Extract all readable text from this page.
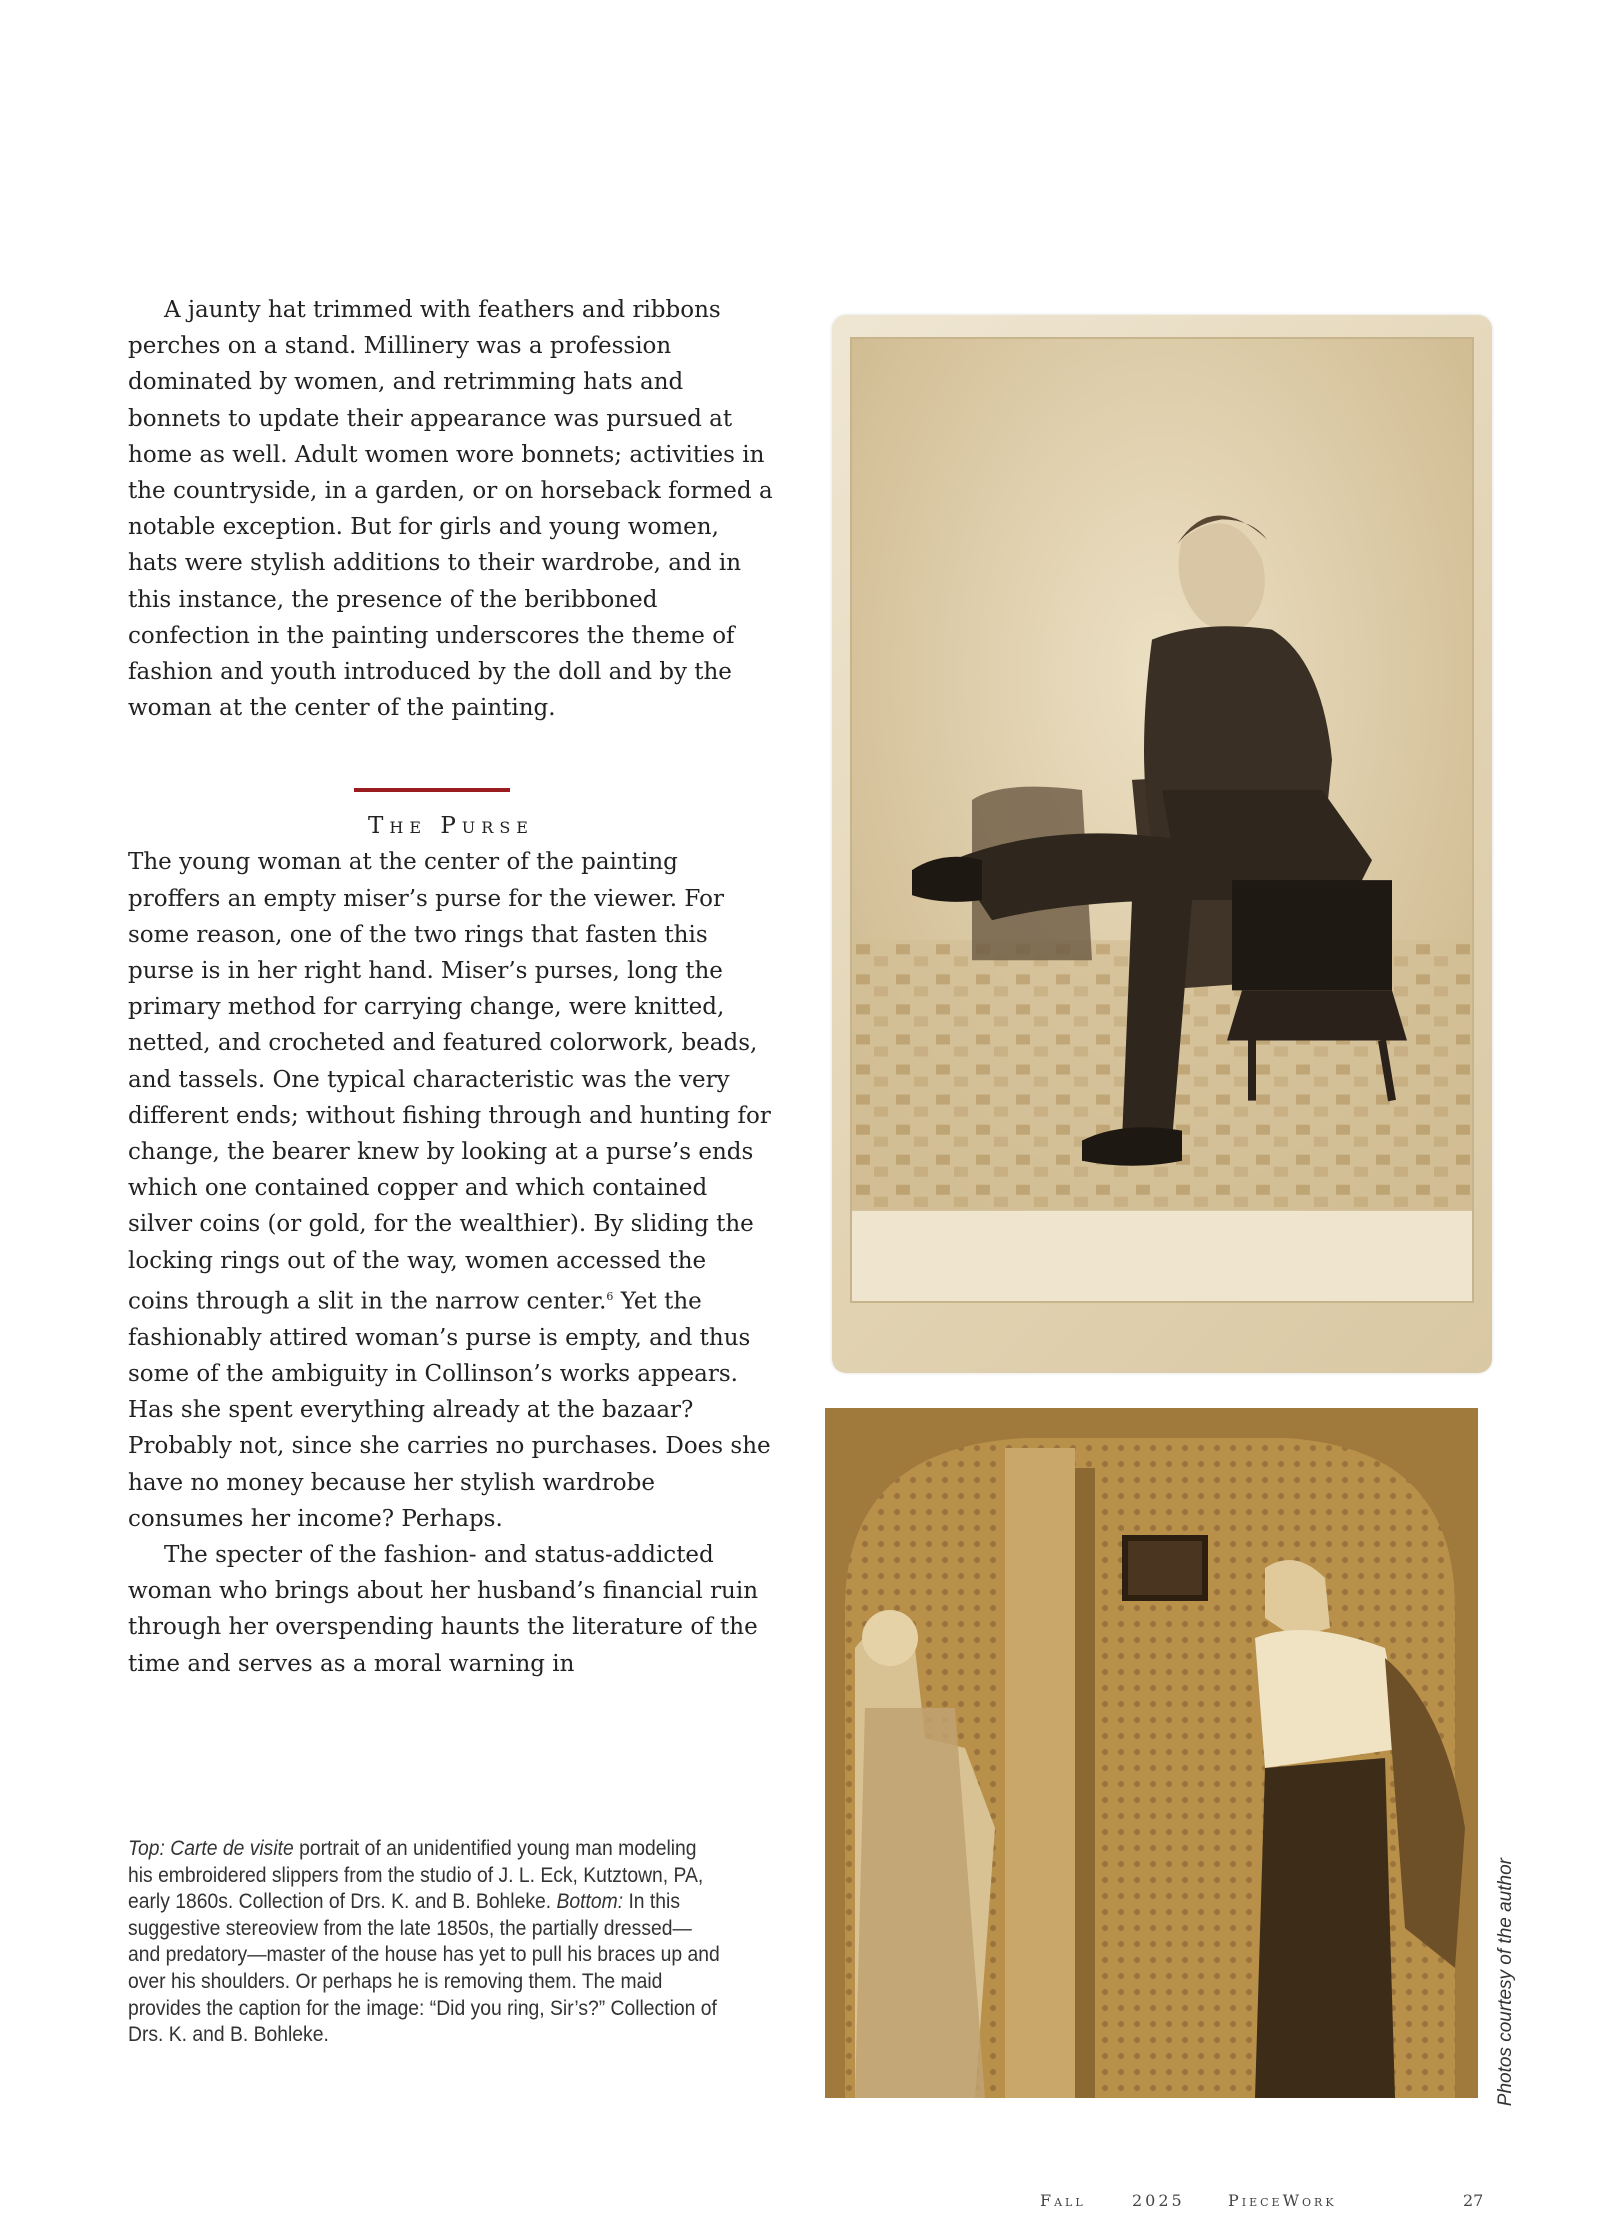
A jaunty hat trimmed with feathers and ribbons perches on a stand. Millinery was a profession dominated by women, and retrimming hats and bonnets to update their appearance was pursued at home as well. Adult women wore bonnets; activities in the countryside, in a garden, or on horseback formed a notable exception. But for girls and young women, hats were stylish additions to their wardrobe, and in this instance, the presence of the beribboned confection in the painting underscores the theme of fashion and youth introduced by the doll and by the woman at the center of the painting.

The Purse

The young woman at the center of the painting proffers an empty miser’s purse for the viewer. For some reason, one of the two rings that fasten this purse is in her right hand. Miser’s purses, long the primary method for carrying change, were knitted, netted, and crocheted and featured colorwork, beads, and tassels. One typical characteristic was the very different ends; without fishing through and hunting for change, the bearer knew by looking at a purse’s ends which one contained copper and which contained silver coins (or gold, for the wealthier). By sliding the locking rings out of the way, women accessed the coins through a slit in the narrow center.$^6$ Yet the fashionably attired woman’s purse is empty, and thus some of the ambiguity in Collinson’s works appears. Has she spent everything already at the bazaar? Probably not, since she carries no purchases. Does she have no money because her stylish wardrobe consumes her income? Perhaps.

The specter of the fashion- and status-addicted woman who brings about her husband’s financial ruin through her overspending haunts the literature of the time and serves as a moral warning in

Top: Carte de visite portrait of an unidentified young man modeling his embroidered slippers from the studio of J. L. Eck, Kutztown, PA, early 1860s. Collection of Drs. K. and B. Bohleke. Bottom: In this suggestive stereoview from the late 1850s, the partially dressed—and predatory—master of the house has yet to pull his braces up and over his shoulders. Or perhaps he is removing them. The maid provides the caption for the image: “Did you ring, Sir’s?” Collection of Drs. K. and B. Bohleke.	Photos courtesy of the author
Fall	2025	PieceWork	27
